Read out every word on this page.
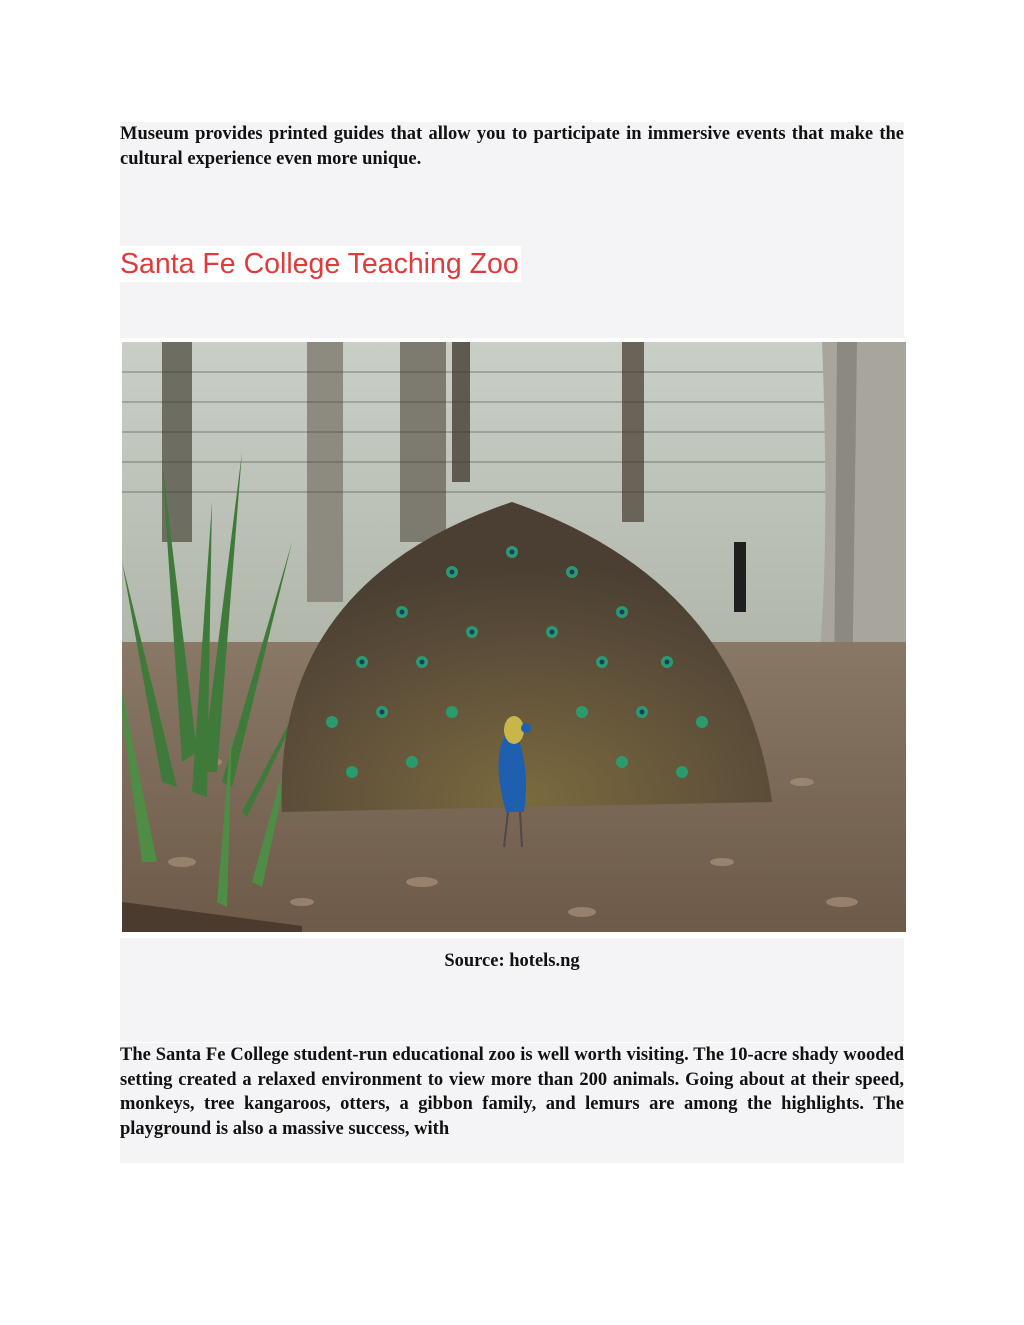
Museum provides printed guides that allow you to participate in immersive events that make the cultural experience even more unique.

Santa Fe College Teaching Zoo
Source: hotels.ng

The Santa Fe College student-run educational zoo is well worth visiting. The 10-acre shady wooded setting created a relaxed environment to view more than 200 animals. Going about at their speed, monkeys, tree kangaroos, otters, a gibbon family, and lemurs are among the highlights. The playground is also a massive success, with
